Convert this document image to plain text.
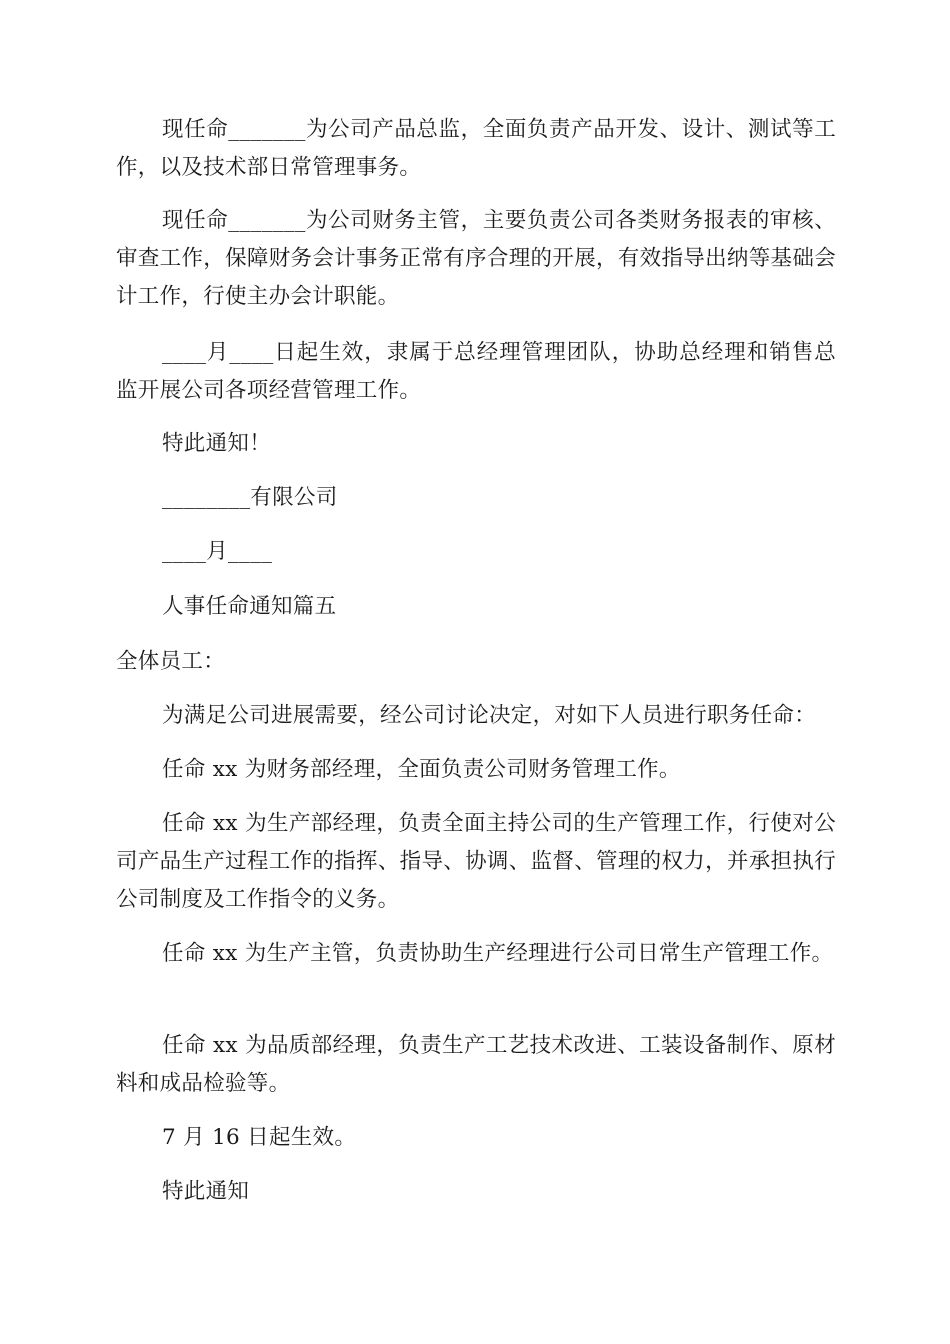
现任命_______为公司产品总监，全面负责产品开发、设计、测试等工作，以及技术部日常管理事务。

现任命_______为公司财务主管，主要负责公司各类财务报表的审核、审查工作，保障财务会计事务正常有序合理的开展，有效指导出纳等基础会计工作，行使主办会计职能。

____月____日起生效，隶属于总经理管理团队，协助总经理和销售总监开展公司各项经营管理工作。

特此通知！

________有限公司

____月____

人事任命通知篇五

全体员工：

为满足公司进展需要，经公司讨论决定，对如下人员进行职务任命：

任命 xx 为财务部经理，全面负责公司财务管理工作。

任命 xx 为生产部经理，负责全面主持公司的生产管理工作，行使对公司产品生产过程工作的指挥、指导、协调、监督、管理的权力，并承担执行公司制度及工作指令的义务。

任命 xx 为生产主管，负责协助生产经理进行公司日常生产管理工作。

任命 xx 为品质部经理，负责生产工艺技术改进、工装设备制作、原材料和成品检验等。

7 月 16 日起生效。

特此通知
